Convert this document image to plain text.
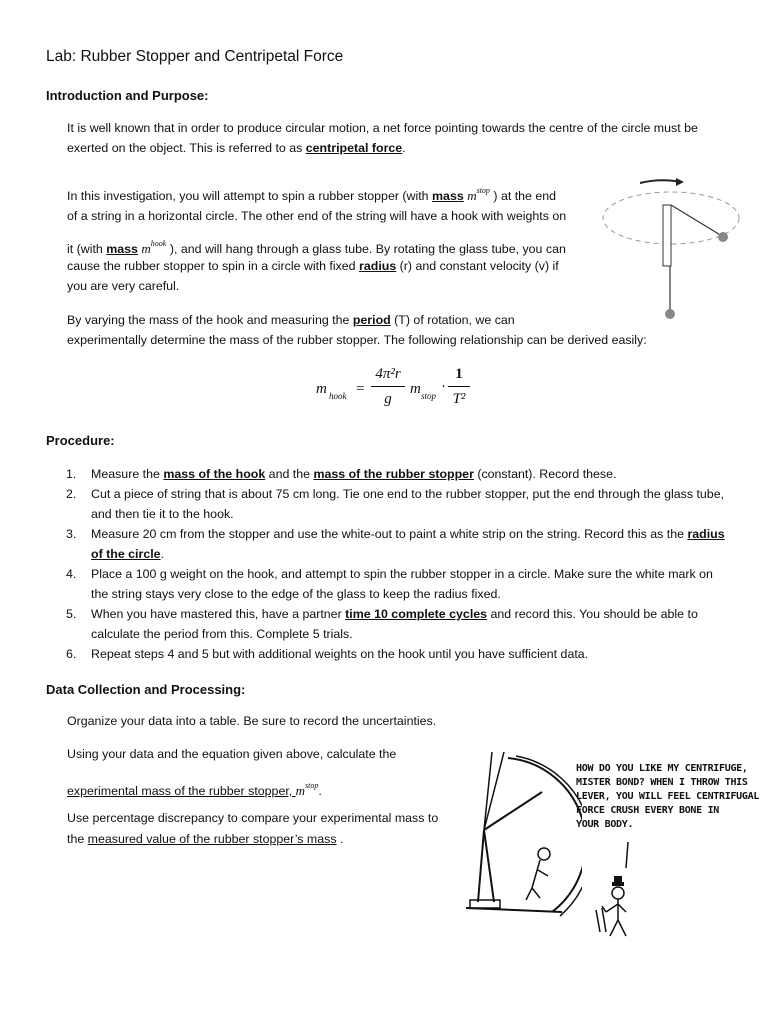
Lab: Rubber Stopper and Centripetal Force
Introduction and Purpose:
It is well known that in order to produce circular motion, a net force pointing towards the centre of the circle must be exerted on the object. This is referred to as centripetal force.
In this investigation, you will attempt to spin a rubber stopper (with mass $m^{stop}$ ) at the end
of a string in a horizontal circle. The other end of the string will have a hook with weights on
it (with mass $m^{hook}$ ), and will hang through a glass tube. By rotating the glass tube, you can
cause the rubber stopper to spin in a circle with fixed radius (r) and constant velocity (v) if
you are very careful.
By varying the mass of the hook and measuring the period (T) of rotation, we can
experimentally determine the mass of the rubber stopper. The following relationship can be derived easily:
m hook =
4π²r
g
m stop
·
1
T²
Procedure:
1. Measure the mass of the hook and the mass of the rubber stopper (constant). Record these.
2. Cut a piece of string that is about 75 cm long. Tie one end to the rubber stopper, put the end through the glass tube, and then tie it to the hook.
3. Measure 20 cm from the stopper and use the white-out to paint a white strip on the string. Record this as the radius of the circle.
4. Place a 100 g weight on the hook, and attempt to spin the rubber stopper in a circle. Make sure the white mark on the string stays very close to the edge of the glass to keep the radius fixed.
5. When you have mastered this, have a partner time 10 complete cycles and record this. You should be able to calculate the period from this. Complete 5 trials.
6. Repeat steps 4 and 5 but with additional weights on the hook until you have sufficient data.
Data Collection and Processing:
Organize your data into a table. Be sure to record the uncertainties.
Using your data and the equation given above, calculate the
experimental mass of the rubber stopper, $m^{stop}$.
Use percentage discrepancy to compare your experimental mass to
the measured value of the rubber stopper’s mass .
HOW DO YOU LIKE MY CENTRIFUGE,
MISTER BOND? WHEN I THROW THIS
LEVER, YOU WILL FEEL CENTRIFUGAL
FORCE CRUSH EVERY BONE IN
YOUR BODY.
